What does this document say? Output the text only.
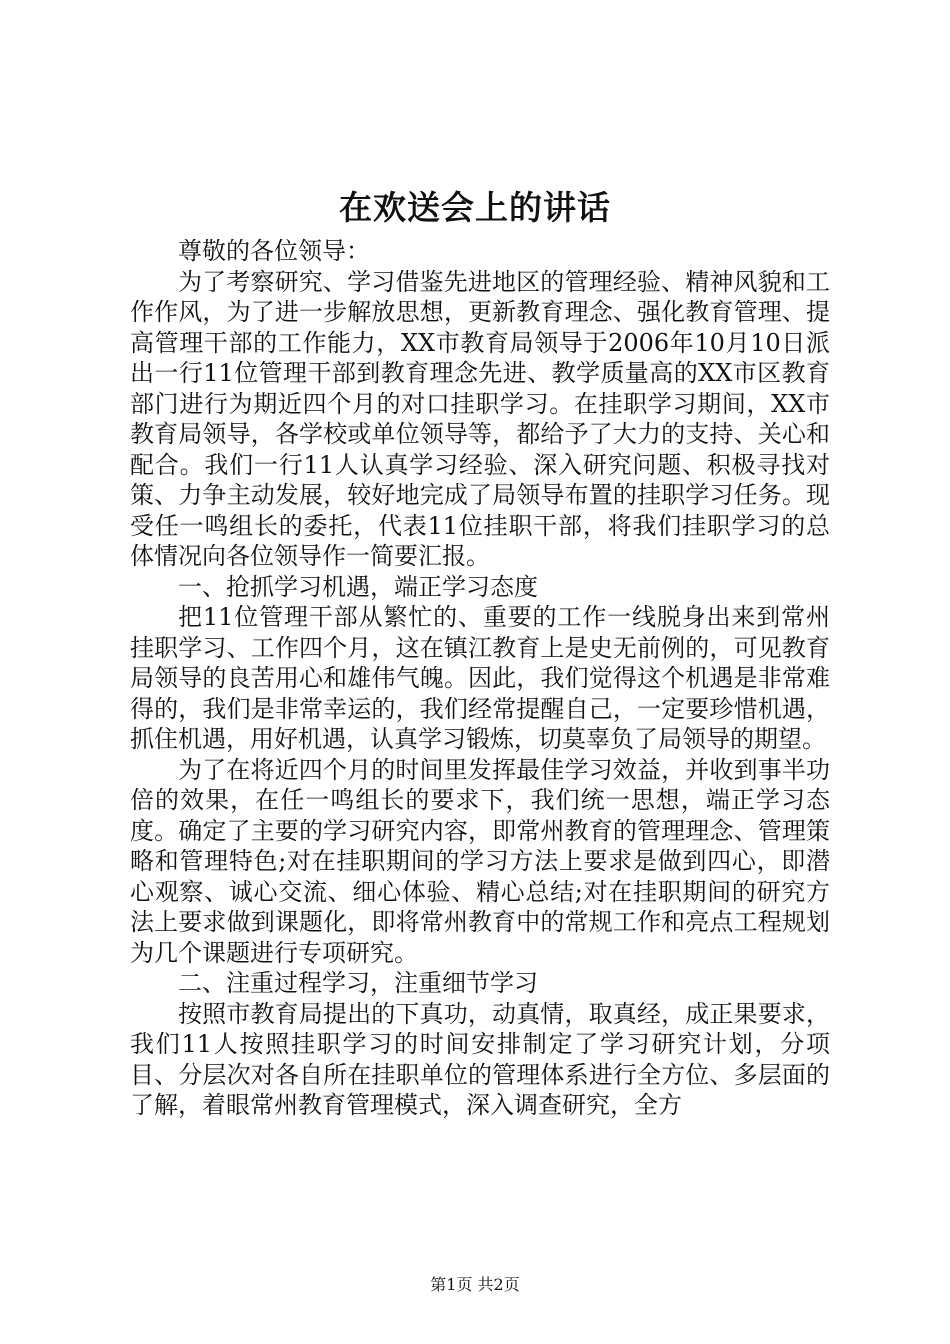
在欢送会上的讲话

尊敬的各位领导：

为了考察研究、学习借鉴先进地区的管理经验、精神风貌和工作作风，为了进一步解放思想，更新教育理念、强化教育管理、提高管理干部的工作能力，XX市教育局领导于2006年10月10日派出一行11位管理干部到教育理念先进、教学质量高的XX市区教育部门进行为期近四个月的对口挂职学习。在挂职学习期间，XX市教育局领导，各学校或单位领导等，都给予了大力的支持、关心和配合。我们一行11人认真学习经验、深入研究问题、积极寻找对策、力争主动发展，较好地完成了局领导布置的挂职学习任务。现受任一鸣组长的委托，代表11位挂职干部，将我们挂职学习的总体情况向各位领导作一简要汇报。

一、抢抓学习机遇，端正学习态度

把11位管理干部从繁忙的、重要的工作一线脱身出来到常州挂职学习、工作四个月，这在镇江教育上是史无前例的，可见教育局领导的良苦用心和雄伟气魄。因此，我们觉得这个机遇是非常难得的，我们是非常幸运的，我们经常提醒自己，一定要珍惜机遇，抓住机遇，用好机遇，认真学习锻炼，切莫辜负了局领导的期望。

为了在将近四个月的时间里发挥最佳学习效益，并收到事半功倍的效果，在任一鸣组长的要求下，我们统一思想，端正学习态度。确定了主要的学习研究内容，即常州教育的管理理念、管理策略和管理特色;对在挂职期间的学习方法上要求是做到四心，即潜心观察、诚心交流、细心体验、精心总结;对在挂职期间的研究方法上要求做到课题化，即将常州教育中的常规工作和亮点工程规划为几个课题进行专项研究。

二、注重过程学习，注重细节学习

按照市教育局提出的下真功，动真情，取真经，成正果要求，我们11人按照挂职学习的时间安排制定了学习研究计划，分项目、分层次对各自所在挂职单位的管理体系进行全方位、多层面的了解，着眼常州教育管理模式，深入调查研究，全方

第1页 共2页
